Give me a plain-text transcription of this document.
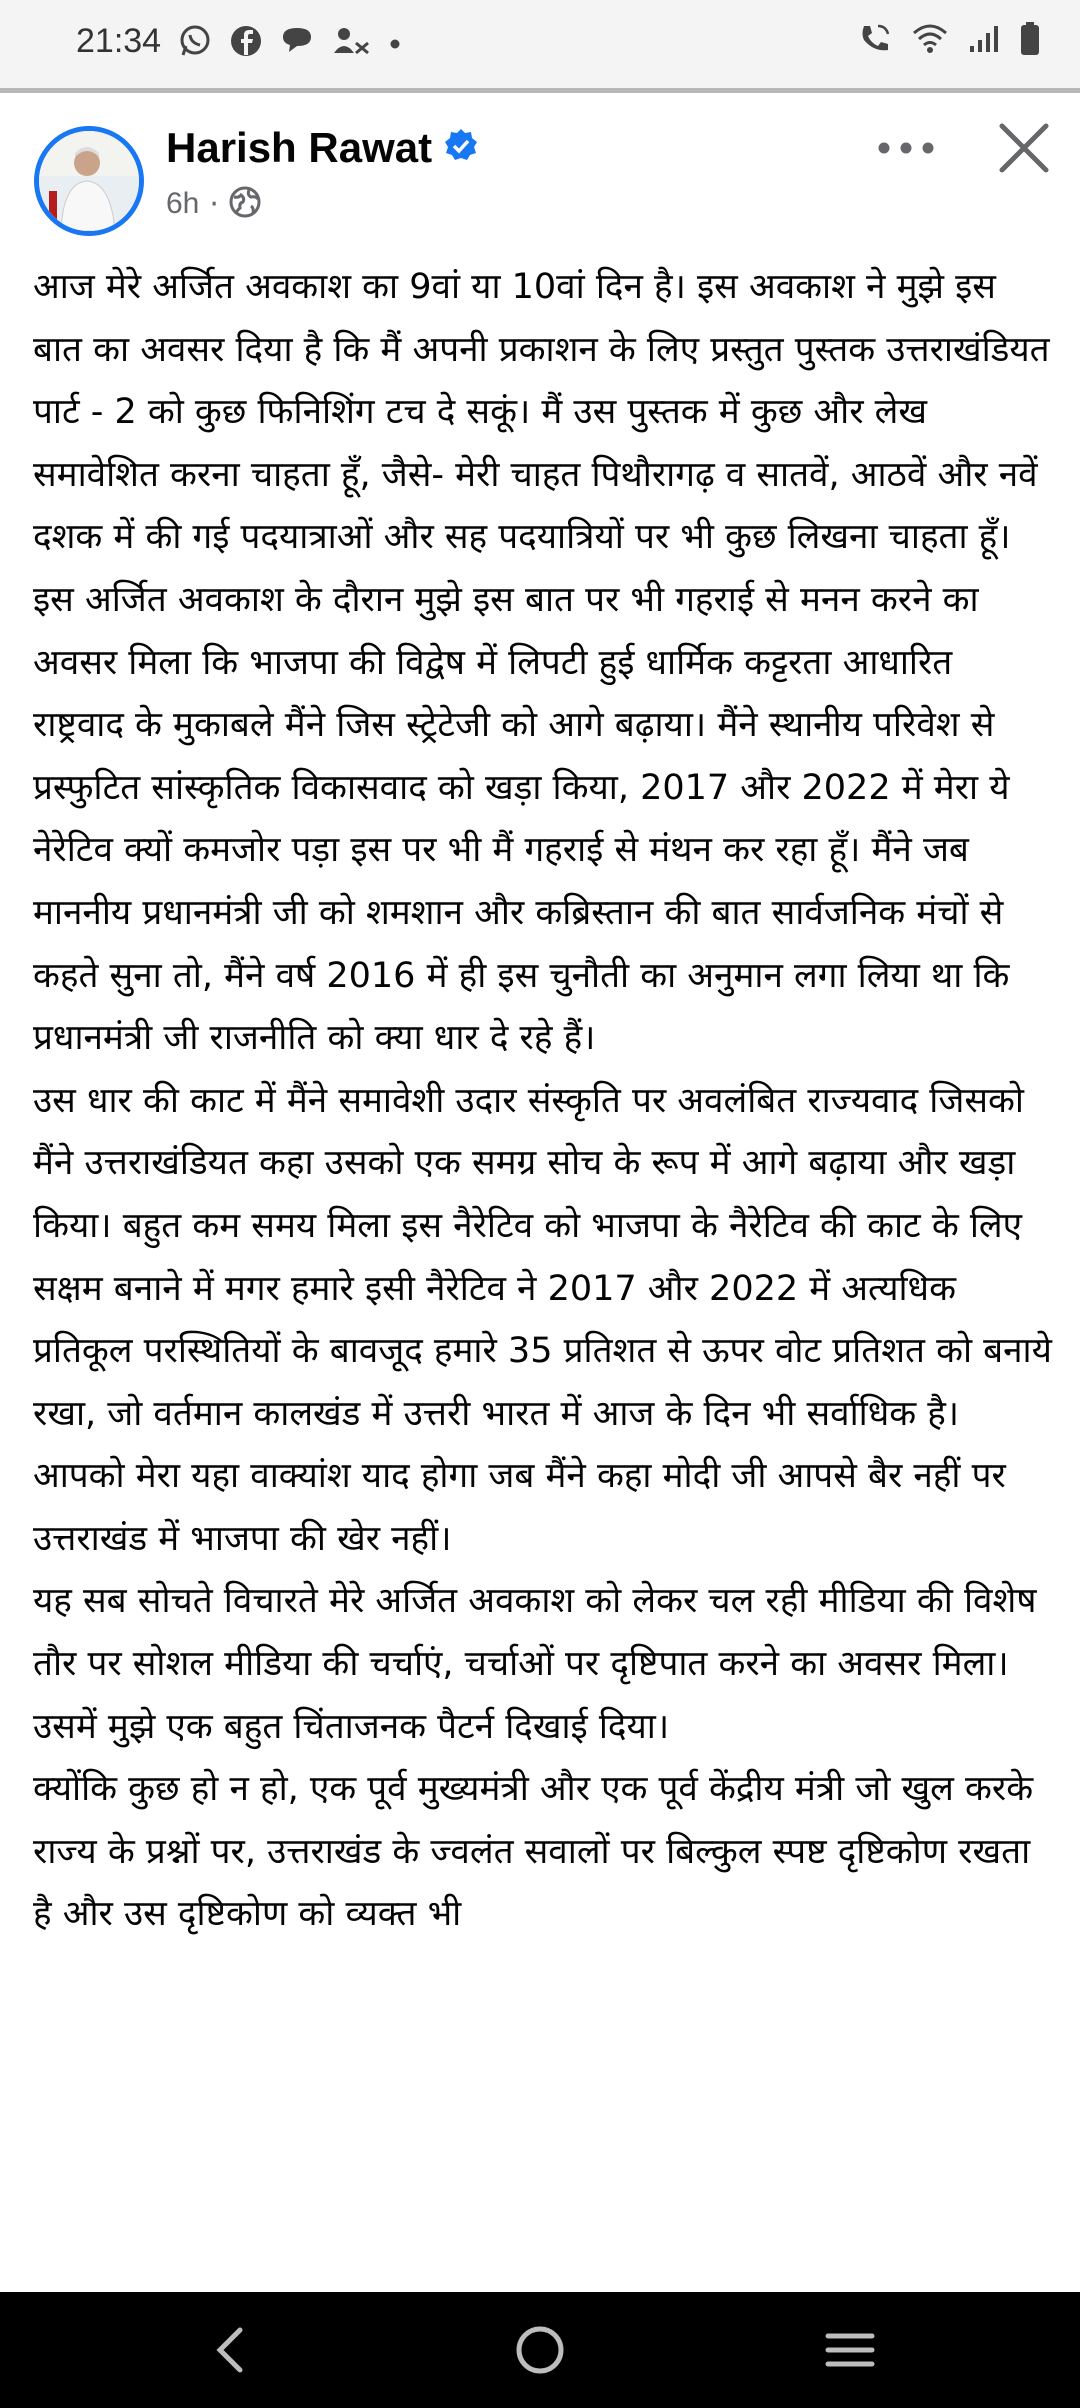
21:34
Harish Rawat
6h ·

आज मेरे अर्जित अवकाश का 9वां या 10वां दिन है। इस अवकाश ने मुझे इस बात का अवसर दिया है कि मैं अपनी प्रकाशन के लिए प्रस्तुत पुस्तक उत्तराखंडियत पार्ट - 2 को कुछ फिनिशिंग टच दे सकूं। मैं उस पुस्तक में कुछ और लेख समावेशित करना चाहता हूँ, जैसे- मेरी चाहत पिथौरागढ़ व सातवें, आठवें और नवें दशक में की गई पदयात्राओं और सह पदयात्रियों पर भी कुछ लिखना चाहता हूँ। इस अर्जित अवकाश के दौरान मुझे इस बात पर भी गहराई से मनन करने का अवसर मिला कि भाजपा की विद्वेष में लिपटी हुई धार्मिक कट्टरता आधारित राष्ट्रवाद के मुकाबले मैंने जिस स्ट्रेटेजी को आगे बढ़ाया। मैंने स्थानीय परिवेश से प्रस्फुटित सांस्कृतिक विकासवाद को खड़ा किया, 2017 और 2022 में मेरा ये नेरेटिव क्यों कमजोर पड़ा इस पर भी मैं गहराई से मंथन कर रहा हूँ। मैंने जब माननीय प्रधानमंत्री जी को शमशान और कब्रिस्तान की बात सार्वजनिक मंचों से कहते सुना तो, मैंने वर्ष 2016 में ही इस चुनौती का अनुमान लगा लिया था कि प्रधानमंत्री जी राजनीति को क्या धार दे रहे हैं।

उस धार की काट में मैंने समावेशी उदार संस्कृति पर अवलंबित राज्यवाद जिसको मैंने उत्तराखंडियत कहा उसको एक समग्र सोच के रूप में आगे बढ़ाया और खड़ा किया। बहुत कम समय मिला इस नैरेटिव को भाजपा के नैरेटिव की काट के लिए सक्षम बनाने में मगर हमारे इसी नैरेटिव ने 2017 और 2022 में अत्यधिक प्रतिकूल परस्थितियों के बावजूद हमारे 35 प्रतिशत से ऊपर वोट प्रतिशत को बनाये रखा, जो वर्तमान कालखंड में उत्तरी भारत में आज के दिन भी सर्वाधिक है। आपको मेरा यहा वाक्यांश याद होगा जब मैंने कहा मोदी जी आपसे बैर नहीं पर उत्तराखंड में भाजपा की खेर नहीं।

यह सब सोचते विचारते मेरे अर्जित अवकाश को लेकर चल रही मीडिया की विशेष तौर पर सोशल मीडिया की चर्चाएं, चर्चाओं पर दृष्टिपात करने का अवसर मिला। उसमें मुझे एक बहुत चिंताजनक पैटर्न दिखाई दिया।

क्योंकि कुछ हो न हो, एक पूर्व मुख्यमंत्री और एक पूर्व केंद्रीय मंत्री जो खुल करके राज्य के प्रश्नों पर, उत्तराखंड के ज्वलंत सवालों पर बिल्कुल स्पष्ट दृष्टिकोण रखता है और उस दृष्टिकोण को व्यक्त भी
